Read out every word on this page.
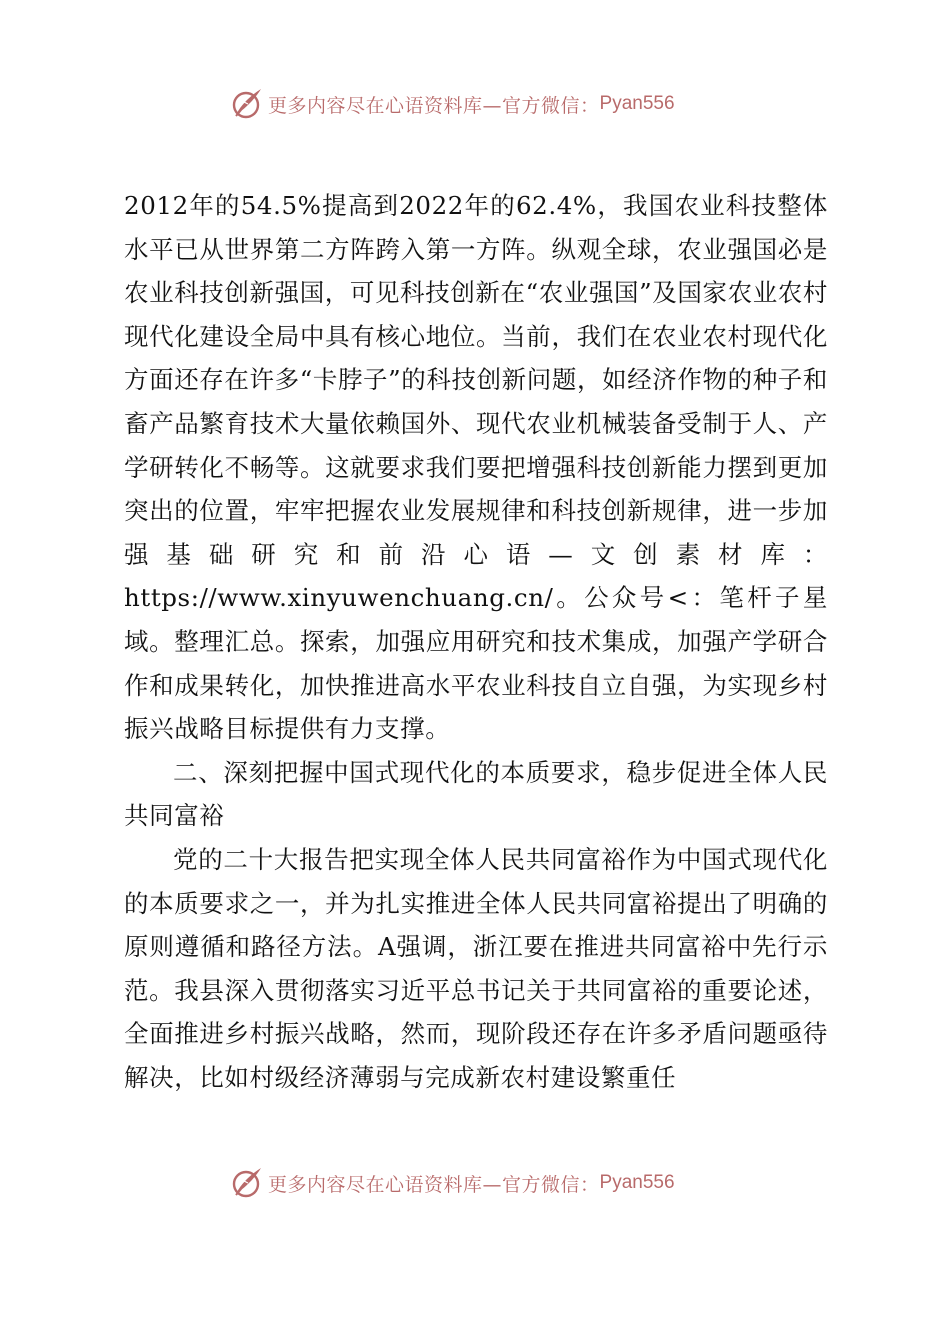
更多内容尽在心语资料库—官方微信： Pyan556

2012年的54.5%提高到2022年的62.4%，我国农业科技整体水平已从世界第二方阵跨入第一方阵。纵观全球，农业强国必是农业科技创新强国，可见科技创新在“农业强国”及国家农业农村现代化建设全局中具有核心地位。当前，我们在农业农村现代化方面还存在许多“卡脖子”的科技创新问题，如经济作物的种子和畜产品繁育技术大量依赖国外、现代农业机械装备受制于人、产学研转化不畅等。这就要求我们要把增强科技创新能力摆到更加突出的位置，牢牢把握农业发展规律和科技创新规律，进一步加强基础研究和前沿心语—文创素材库：https://www.xinyuwenchuang.cn/。公众号<：笔杆子星域。整理汇总。探索，加强应用研究和技术集成，加强产学研合作和成果转化，加快推进高水平农业科技自立自强，为实现乡村振兴战略目标提供有力支撑。

二、深刻把握中国式现代化的本质要求，稳步促进全体人民共同富裕

党的二十大报告把实现全体人民共同富裕作为中国式现代化的本质要求之一，并为扎实推进全体人民共同富裕提出了明确的原则遵循和路径方法。A强调，浙江要在推进共同富裕中先行示范。我县深入贯彻落实习近平总书记关于共同富裕的重要论述，全面推进乡村振兴战略，然而，现阶段还存在许多矛盾问题亟待解决，比如村级经济薄弱与完成新农村建设繁重任

更多内容尽在心语资料库—官方微信： Pyan556
